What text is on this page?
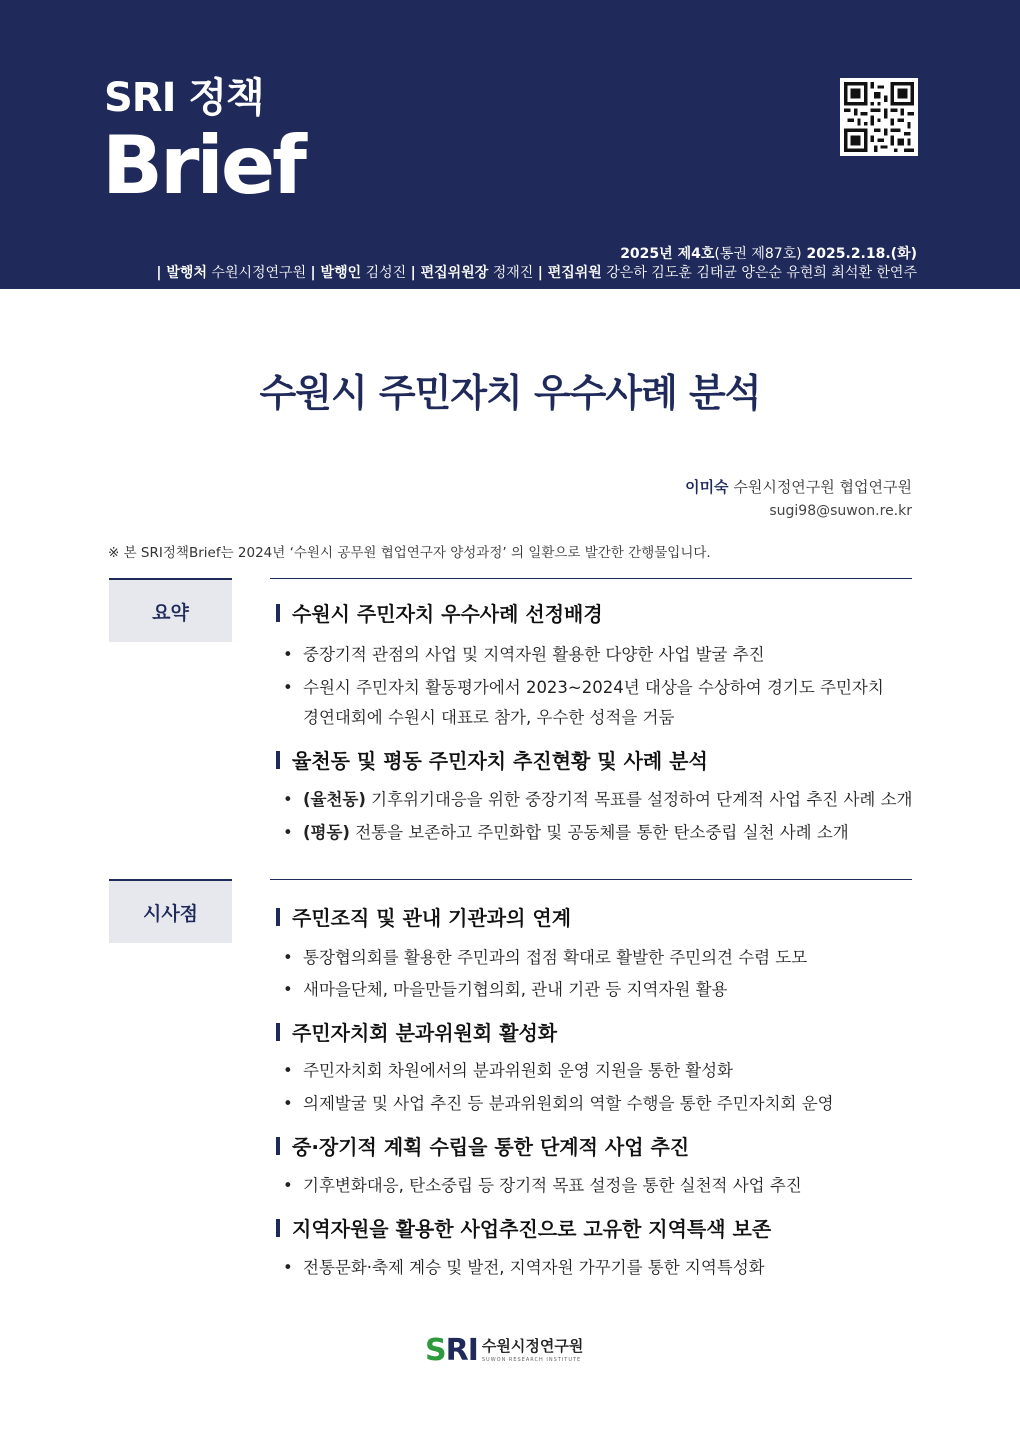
SRI 정책
Brief
2025년 제4호(통권 제87호) 2025.2.18.(화)
| 발행처 수원시정연구원 | 발행인 김성진 | 편집위원장 정재진 | 편집위원 강은하 김도훈 김태균 양은순 유현희 최석환 한연주
수원시 주민자치 우수사례 분석
이미숙 수원시정연구원 협업연구원
sugi98@suwon.re.kr
※ 본 SRI정책Brief는 2024년 ‘수원시 공무원 협업연구자 양성과정’ 의 일환으로 발간한 간행물입니다.
요약	수원시 주민자치 우수사례 선정배경
• 중장기적 관점의 사업 및 지역자원 활용한 다양한 사업 발굴 추진
• 수원시 주민자치 활동평가에서 2023~2024년 대상을 수상하여 경기도 주민자치
경연대회에 수원시 대표로 참가, 우수한 성적을 거둠
율천동 및 평동 주민자치 추진현황 및 사례 분석
• (율천동) 기후위기대응을 위한 중장기적 목표를 설정하여 단계적 사업 추진 사례 소개
• (평동) 전통을 보존하고 주민화합 및 공동체를 통한 탄소중립 실천 사례 소개
시사점	주민조직 및 관내 기관과의 연계
• 통장협의회를 활용한 주민과의 접점 확대로 활발한 주민의견 수렴 도모
• 새마을단체, 마을만들기협의회, 관내 기관 등 지역자원 활용
주민자치회 분과위원회 활성화
• 주민자치회 차원에서의 분과위원회 운영 지원을 통한 활성화
• 의제발굴 및 사업 추진 등 분과위원회의 역할 수행을 통한 주민자치회 운영
중·장기적 계획 수립을 통한 단계적 사업 추진
• 기후변화대응, 탄소중립 등 장기적 목표 설정을 통한 실천적 사업 추진
지역자원을 활용한 사업추진으로 고유한 지역특색 보존
• 전통문화·축제 계승 및 발전, 지역자원 가꾸기를 통한 지역특성화
SRI 수원시정연구원
SUWON RESEARCH INSTITUTE
